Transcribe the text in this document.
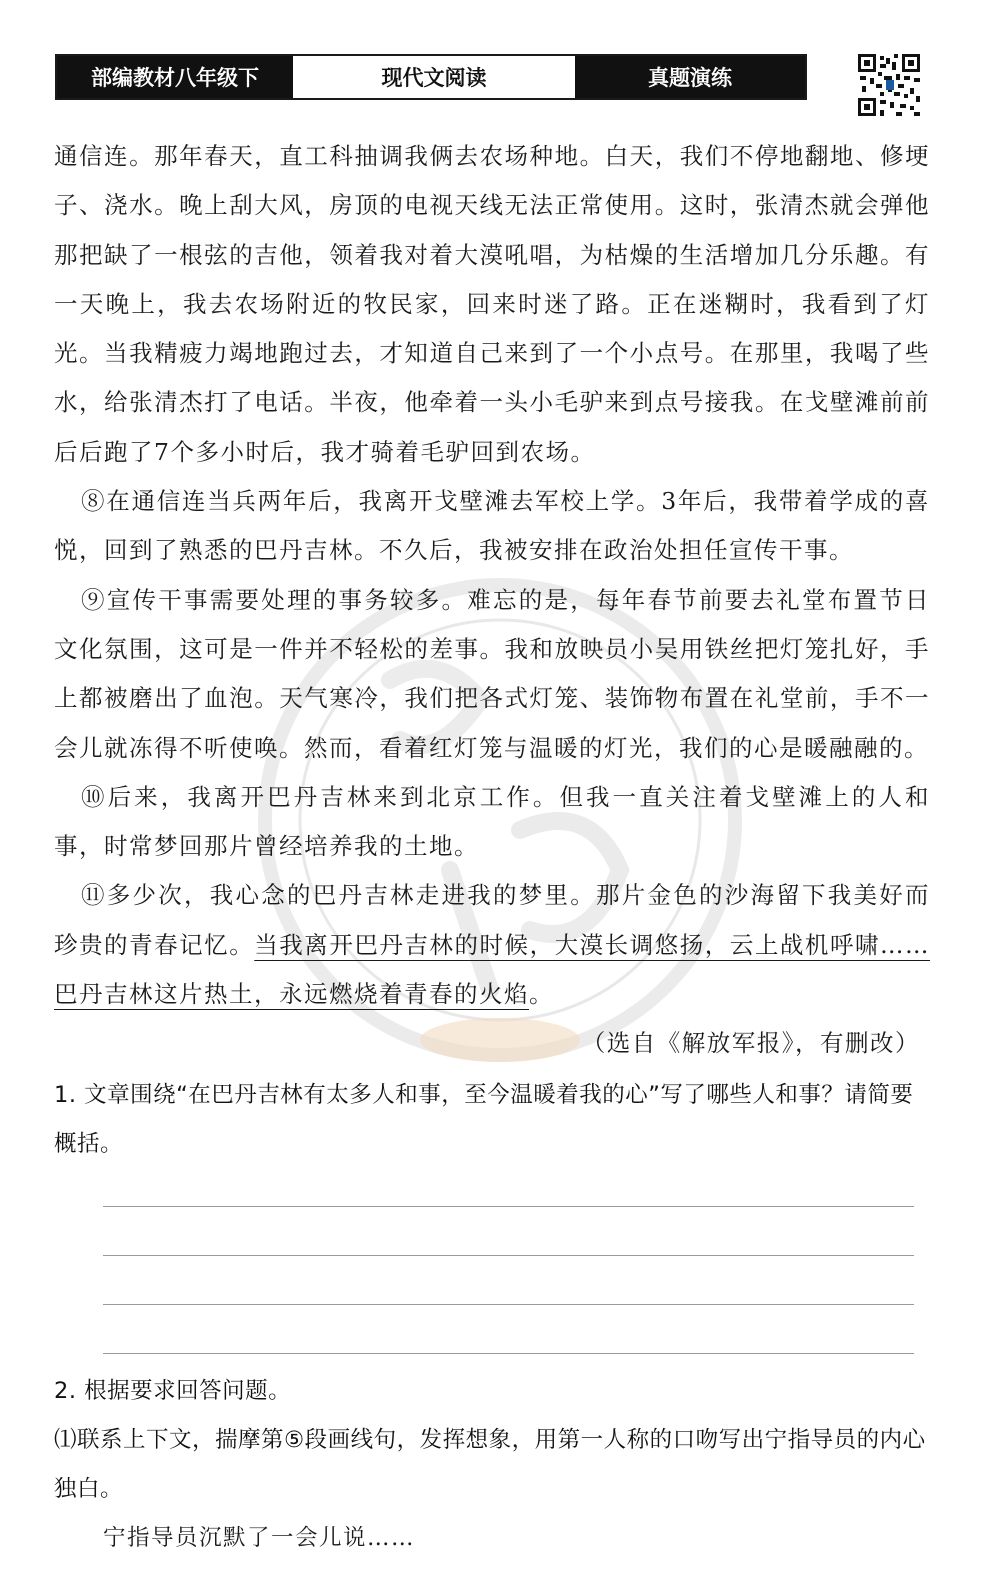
部编教材八年级下	现代文阅读	真题演练

通信连。那年春天，直工科抽调我俩去农场种地。白天，我们不停地翻地、修埂子、浇水。晚上刮大风，房顶的电视天线无法正常使用。这时，张清杰就会弹他那把缺了一根弦的吉他，领着我对着大漠吼唱，为枯燥的生活增加几分乐趣。有一天晚上，我去农场附近的牧民家，回来时迷了路。正在迷糊时，我看到了灯光。当我精疲力竭地跑过去，才知道自己来到了一个小点号。在那里，我喝了些水，给张清杰打了电话。半夜，他牵着一头小毛驴来到点号接我。在戈壁滩前前后后跑了7个多小时后，我才骑着毛驴回到农场。

⑧在通信连当兵两年后，我离开戈壁滩去军校上学。3年后，我带着学成的喜悦，回到了熟悉的巴丹吉林。不久后，我被安排在政治处担任宣传干事。

⑨宣传干事需要处理的事务较多。难忘的是，每年春节前要去礼堂布置节日文化氛围，这可是一件并不轻松的差事。我和放映员小吴用铁丝把灯笼扎好，手上都被磨出了血泡。天气寒冷，我们把各式灯笼、装饰物布置在礼堂前，手不一会儿就冻得不听使唤。然而，看着红灯笼与温暖的灯光，我们的心是暖融融的。

⑩后来，我离开巴丹吉林来到北京工作。但我一直关注着戈壁滩上的人和事，时常梦回那片曾经培养我的土地。

⑪多少次，我心念的巴丹吉林走进我的梦里。那片金色的沙海留下我美好而珍贵的青春记忆。当我离开巴丹吉林的时候，大漠长调悠扬，云上战机呼啸……巴丹吉林这片热土，永远燃烧着青春的火焰。

（选自《解放军报》，有删改）

1. 文章围绕“在巴丹吉林有太多人和事，至今温暖着我的心”写了哪些人和事？请简要概括。

2. 根据要求回答问题。

⑴联系上下文，揣摩第⑤段画线句，发挥想象，用第一人称的口吻写出宁指导员的内心独白。

宁指导员沉默了一会儿说……
